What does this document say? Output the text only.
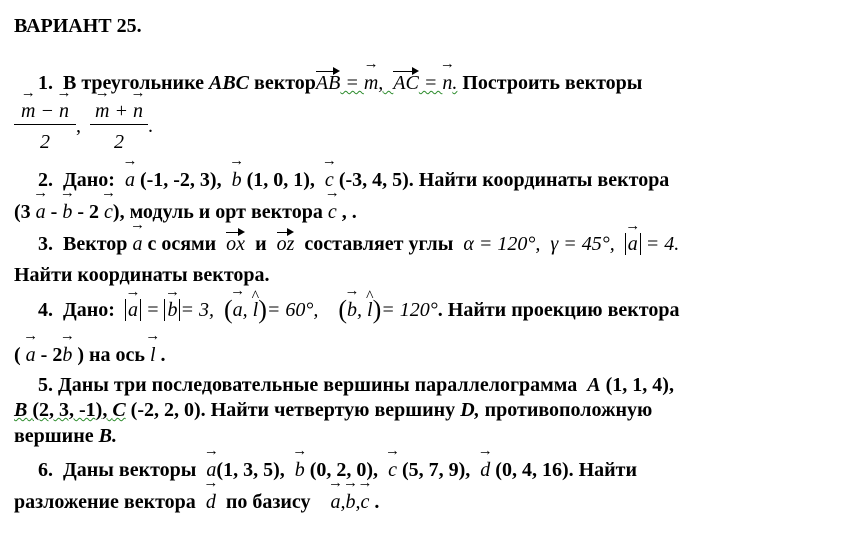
ВАРИАНТ 25.
1. В треугольнике ABC векторAB = → m, AC = → n. Построить векторы
→ $\frac{m - \to n}{2}$ , → $\frac{m + \to n}{2}$ .
2. Дано: → a (-1, -2, 3), → b (1, 0, 1), → c (-3, 4, 5). Найти координаты вектора
(3 → a - → b - 2 → c), модуль и орт вектора → c , .
3. Вектор → a с осями ox и oz составляет углы α = 120°, γ = 45°, → a = 4.
Найти координаты вектора.
4. Дано: → a = → b = 3, (→ a, ^ l)= 60°, (→ b, ^ l)= 120°. Найти проекцию вектора
( → a - 2→ b ) на ось → l .
5. Даны три последовательные вершины параллелограмма A (1, 1, 4),
B (2, 3, -1), C (-2, 2, 0). Найти четвертую вершину D, противоположную
вершине B.
6. Даны векторы → a(1, 3, 5), → b (0, 2, 0), → c (5, 7, 9), → d (0, 4, 16). Найти
разложение вектора → d по базису → a,→ b,→ c .
